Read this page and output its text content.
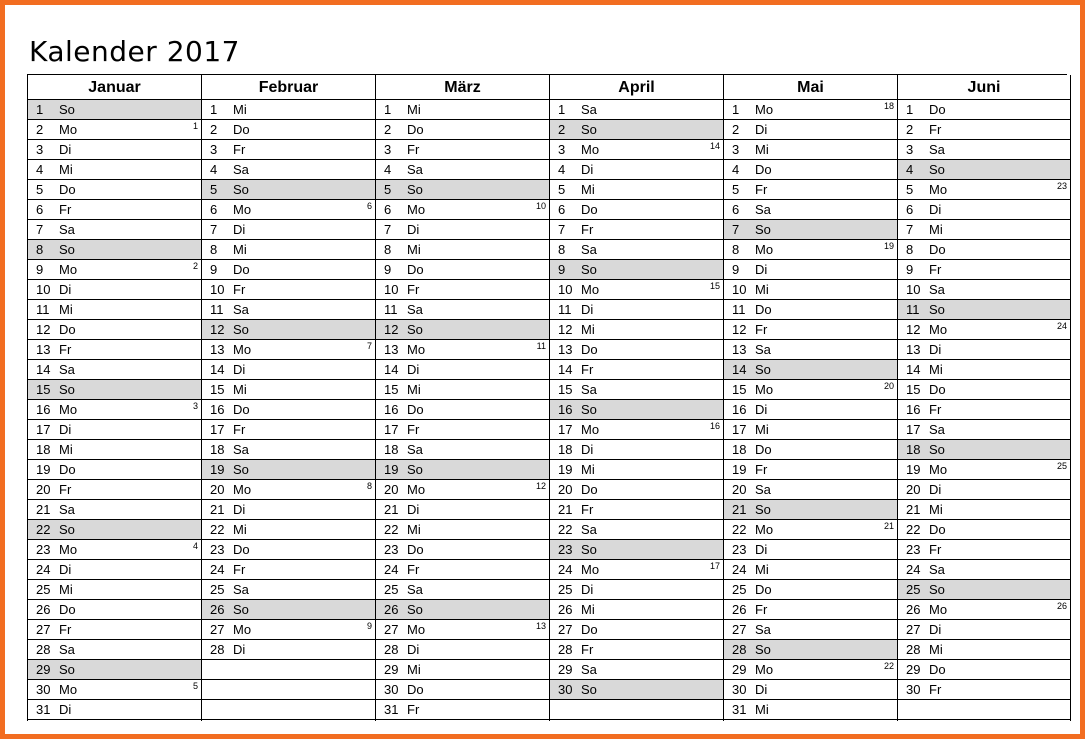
Kalender 2017
Januar
1 So
2 Mo	1
3 Di
4 Mi
5 Do
6 Fr
7 Sa
8 So
9 Mo	2
10 Di
11 Mi
12 Do
13 Fr
14 Sa
15 So
16 Mo	3
17 Di
18 Mi
19 Do
20 Fr
21 Sa
22 So
23 Mo	4
24 Di
25 Mi
26 Do
27 Fr
28 Sa
29 So
30 Mo	5
31 Di
Februar
1 Mi
2 Do
3 Fr
4 Sa
5 So
6 Mo	6
7 Di
8 Mi
9 Do
10 Fr
11 Sa
12 So
13 Mo	7
14 Di
15 Mi
16 Do
17 Fr
18 Sa
19 So
20 Mo	8
21 Di
22 Mi
23 Do
24 Fr
25 Sa
26 So
27 Mo	9
28 Di
März
1 Mi
2 Do
3 Fr
4 Sa
5 So
6 Mo	10
7 Di
8 Mi
9 Do
10 Fr
11 Sa
12 So
13 Mo	11
14 Di
15 Mi
16 Do
17 Fr
18 Sa
19 So
20 Mo	12
21 Di
22 Mi
23 Do
24 Fr
25 Sa
26 So
27 Mo	13
28 Di
29 Mi
30 Do
31 Fr
April
1 Sa
2 So
3 Mo	14
4 Di
5 Mi
6 Do
7 Fr
8 Sa
9 So
10 Mo	15
11 Di
12 Mi
13 Do
14 Fr
15 Sa
16 So
17 Mo	16
18 Di
19 Mi
20 Do
21 Fr
22 Sa
23 So
24 Mo	17
25 Di
26 Mi
27 Do
28 Fr
29 Sa
30 So
Mai
1 Mo	18
2 Di
3 Mi
4 Do
5 Fr
6 Sa
7 So
8 Mo	19
9 Di
10 Mi
11 Do
12 Fr
13 Sa
14 So
15 Mo	20
16 Di
17 Mi
18 Do
19 Fr
20 Sa
21 So
22 Mo	21
23 Di
24 Mi
25 Do
26 Fr
27 Sa
28 So
29 Mo	22
30 Di
31 Mi
Juni
1 Do
2 Fr
3 Sa
4 So
5 Mo	23
6 Di
7 Mi
8 Do
9 Fr
10 Sa
11 So
12 Mo	24
13 Di
14 Mi
15 Do
16 Fr
17 Sa
18 So
19 Mo	25
20 Di
21 Mi
22 Do
23 Fr
24 Sa
25 So
26 Mo	26
27 Di
28 Mi
29 Do
30 Fr
